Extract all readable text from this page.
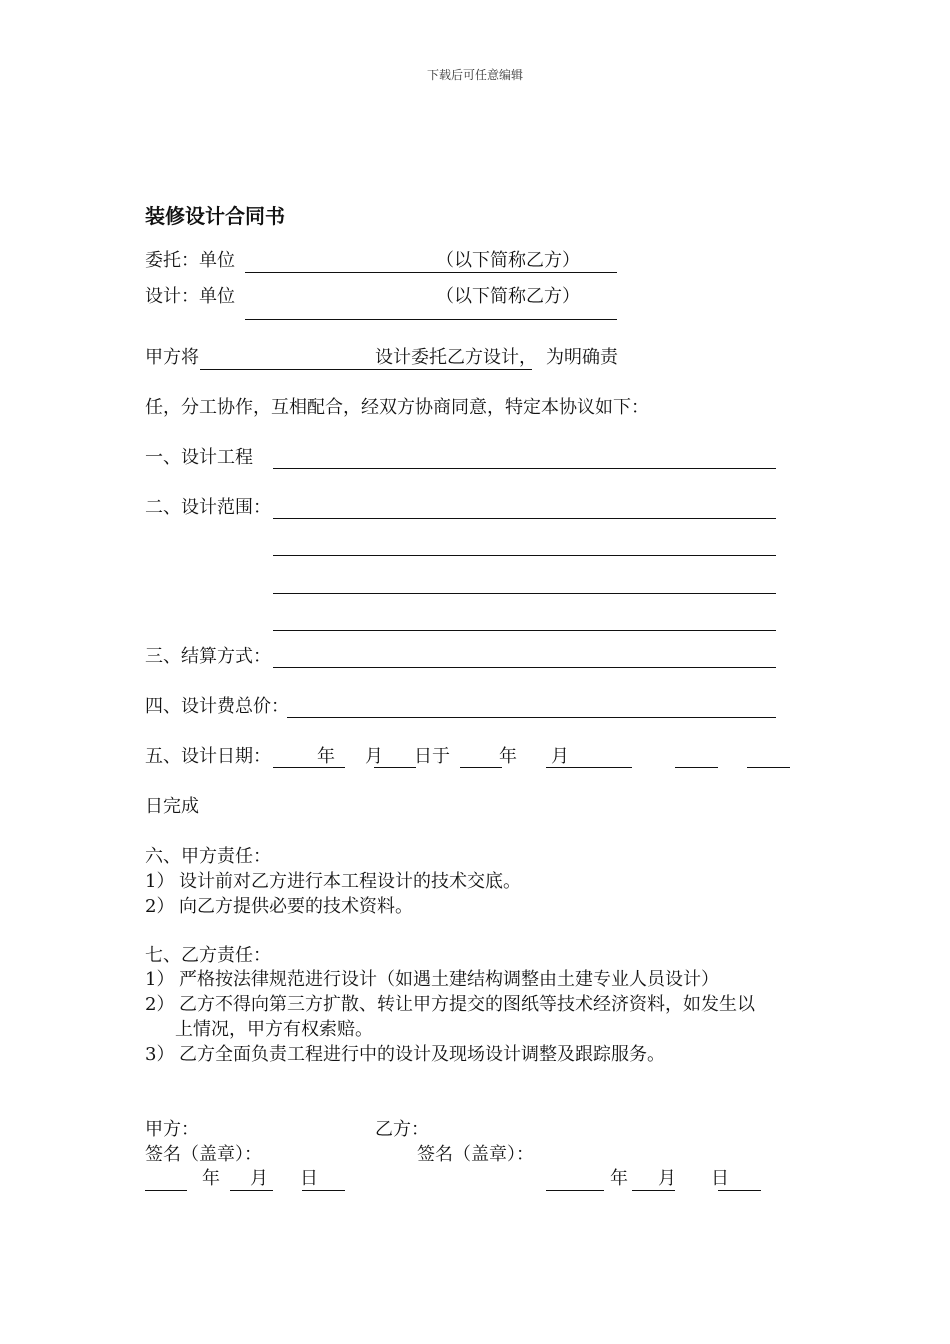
下载后可任意编辑
装修设计合同书
委托：单位	（以下简称乙方）
设计：单位	（以下简称乙方）
甲方将	设计委托乙方设计， 为明确责
任，分工协作，互相配合，经双方协商同意，特定本协议如下：
一、设计工程
二、设计范围：
三、结算方式：
四、设计费总价：
五、设计日期：	年 月 日于	年 月
日完成
六、甲方责任：
1） 设计前对乙方进行本工程设计的技术交底。
2） 向乙方提供必要的技术资料。
七、乙方责任：
1） 严格按法律规范进行设计（如遇土建结构调整由土建专业人员设计）
2） 乙方不得向第三方扩散、转让甲方提交的图纸等技术经济资料，如发生以
上情况，甲方有权索赔。
3） 乙方全面负责工程进行中的设计及现场设计调整及跟踪服务。
甲方：	乙方：
签名（盖章）：	签名（盖章）：
年 月 日	年 月 日
